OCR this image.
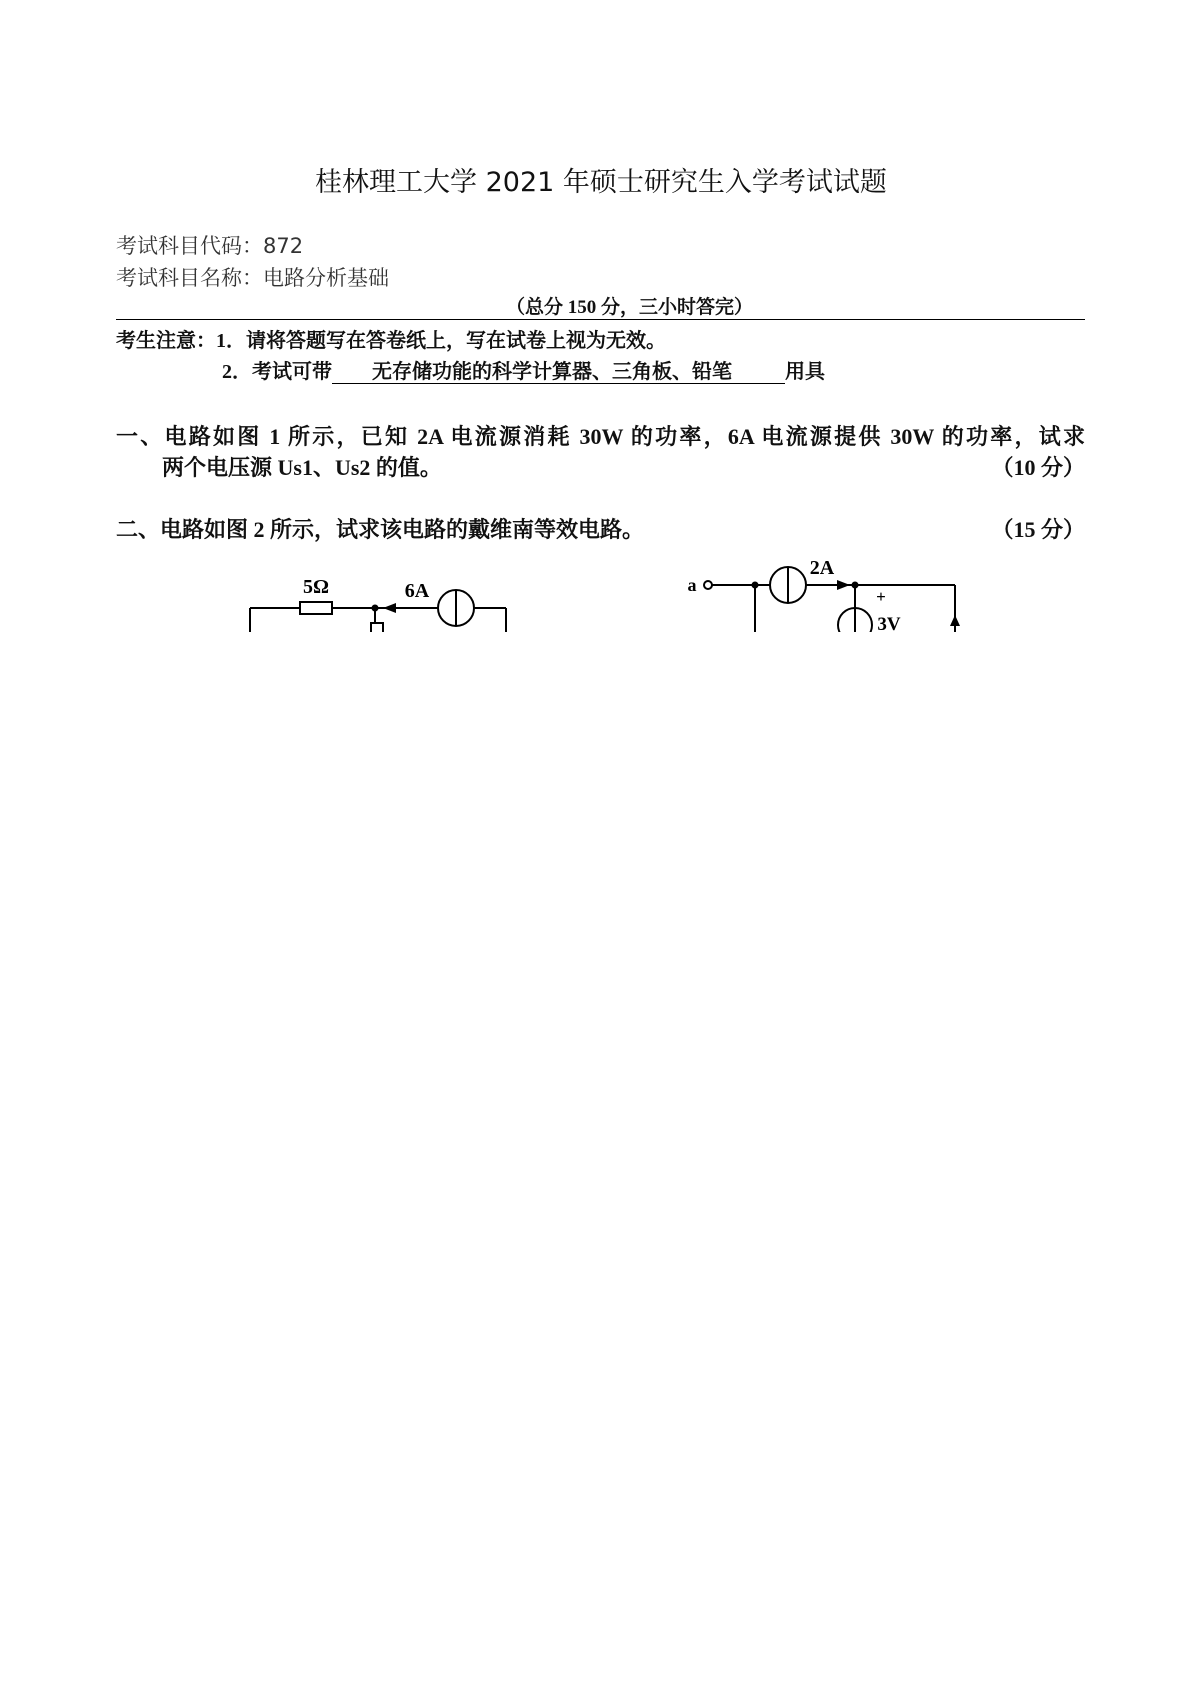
桂林理工大学 2021 年硕士研究生入学考试试题
考试科目代码：872
考试科目名称：电路分析基础
（总分 150 分，三小时答完）
考生注意：1．请将答题写在答卷纸上，写在试卷上视为无效。
2．考试可带 无存储功能的科学计算器、三角板、铅笔	用具
一、电路如图 1 所示，已知 2A 电流源消耗 30W 的功率，6A 电流源提供 30W 的功率，试求
两个电压源 Us1、Us2 的值。	（10 分）
二、电路如图 2 所示，试求该电路的戴维南等效电路。	（15 分）
5Ω	6A	a
2A
+
3V
